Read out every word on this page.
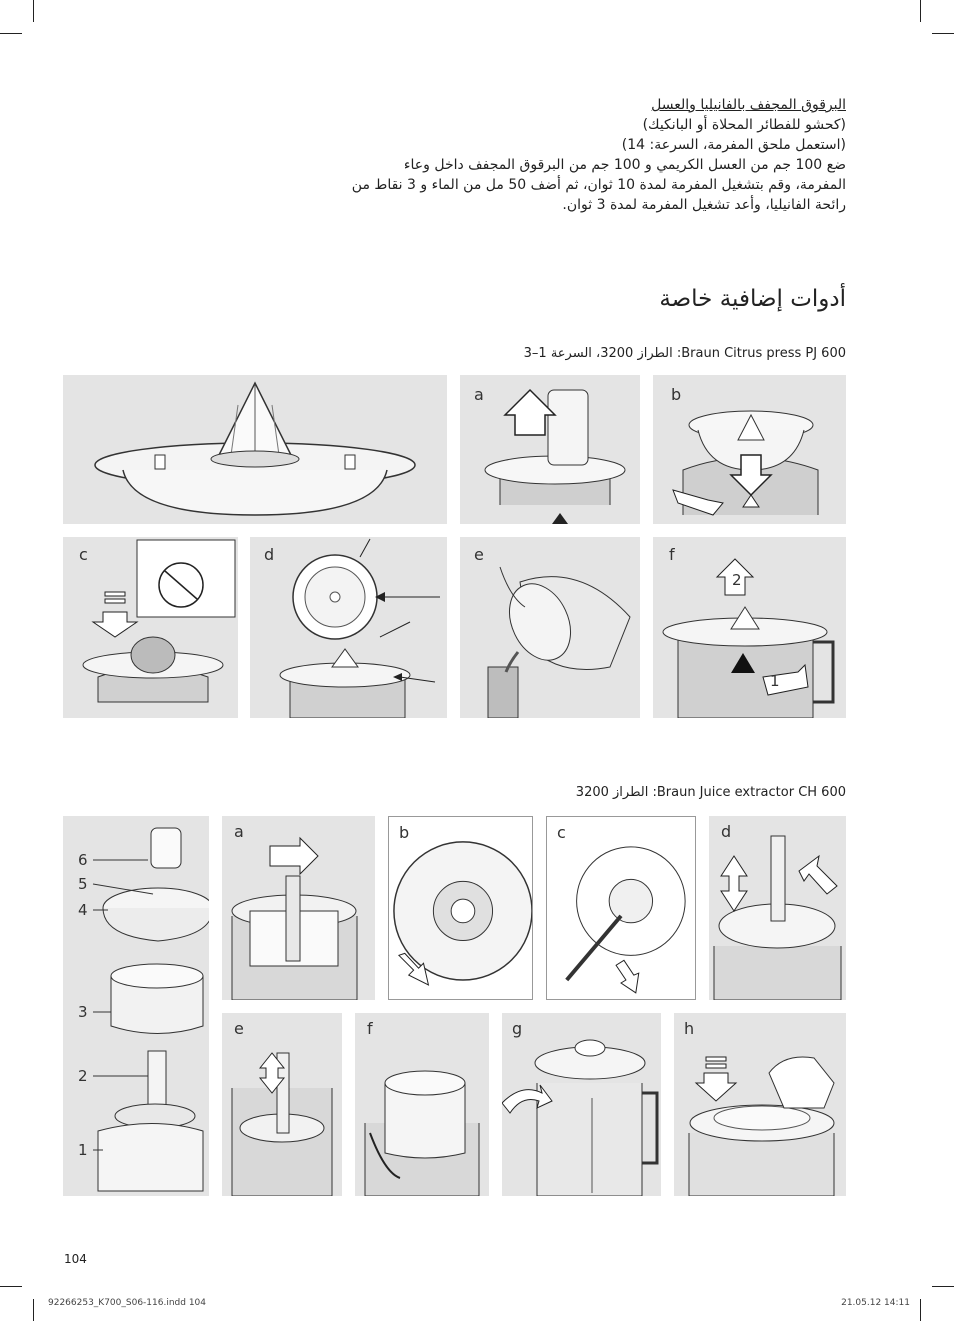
البرقوق المجفف بالفانيليا والعسل
(كحشو للفطائر المحلاة أو البانكيك)
(استعمل ملحق المفرمة، السرعة: 14)
ضع 100 جم من العسل الكريمي و 100 جم من البرقوق المجفف داخل وعاء
المفرمة، وقم بتشغيل المفرمة لمدة 10 ثوان، ثم أضف 50 مل من الماء و 3 نقاط من
رائحة الفانيليا، وأعد تشغيل المفرمة لمدة 3 ثوان.
أدوات إضافية خاصة
Braun Citrus press PJ 600: الطراز 3200، السرعة 1–3
a	b
c	d	e	f
2
1
Braun Juice extractor CH 600: الطراز 3200
6
5
4
3
2
1
a	b	c	d
e	f	g	h
104
92266253_K700_S06-116.indd 104	21.05.12 14:11
